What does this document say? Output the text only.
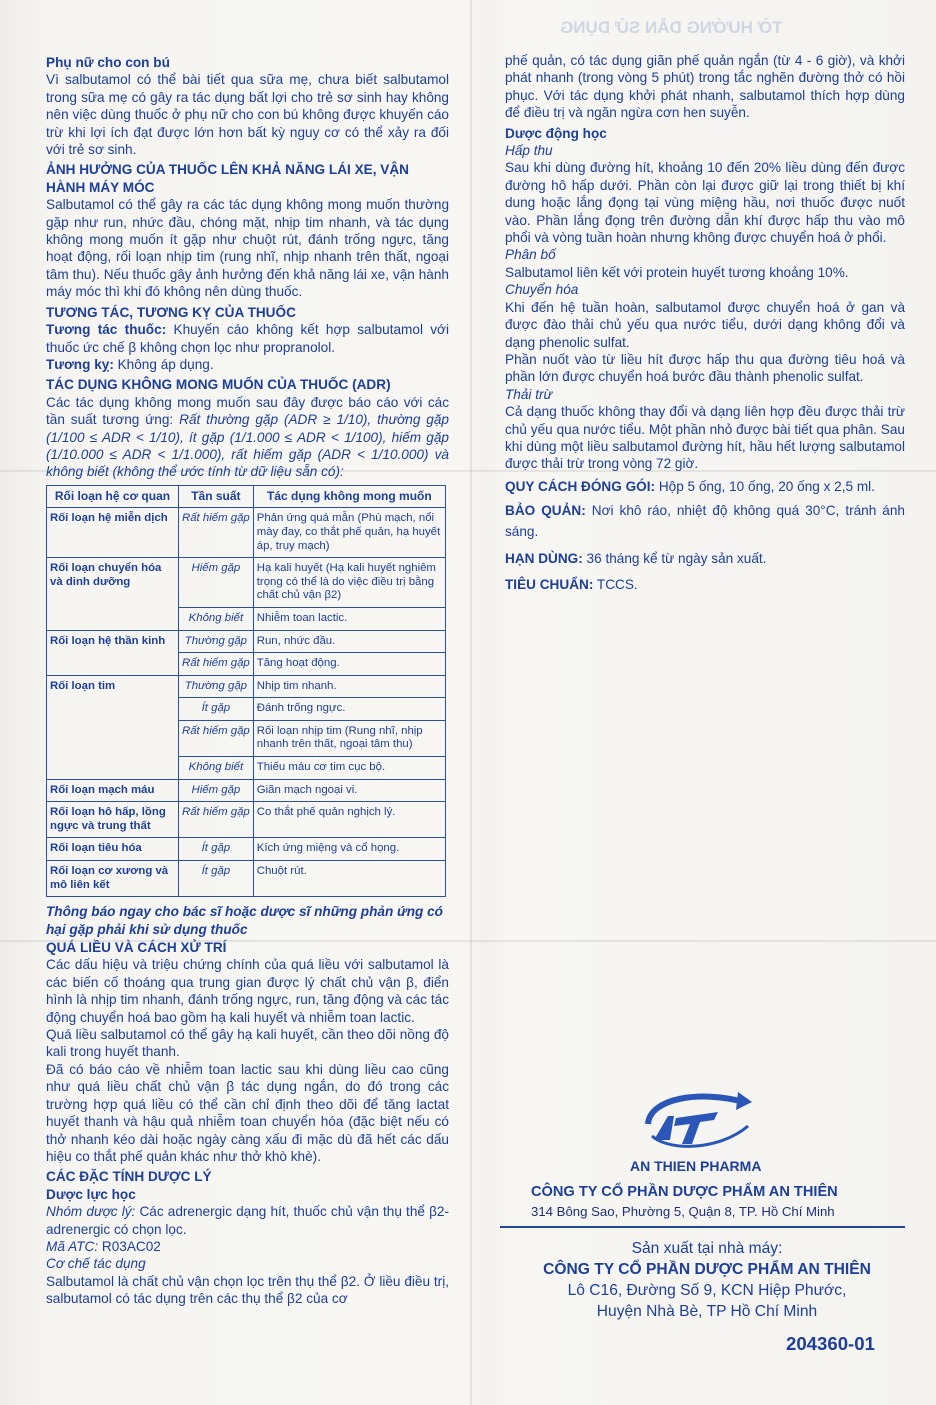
TỜ HƯỚNG DẪN SỬ DỤNG

Phụ nữ cho con bú

Vì salbutamol có thể bài tiết qua sữa mẹ, chưa biết salbutamol trong sữa mẹ có gây ra tác dụng bất lợi cho trẻ sơ sinh hay không nên việc dùng thuốc ở phụ nữ cho con bú không được khuyến cáo trừ khi lợi ích đạt được lớn hơn bất kỳ nguy cơ có thể xảy ra đối với trẻ sơ sinh.

ẢNH HƯỞNG CỦA THUỐC LÊN KHẢ NĂNG LÁI XE, VẬN HÀNH MÁY MÓC

Salbutamol có thể gây ra các tác dụng không mong muốn thường gặp như run, nhức đầu, chóng mặt, nhịp tim nhanh, và tác dụng không mong muốn ít gặp như chuột rút, đánh trống ngực, tăng hoạt động, rối loạn nhịp tim (rung nhĩ, nhịp nhanh trên thất, ngoại tâm thu). Nếu thuốc gây ảnh hưởng đến khả năng lái xe, vận hành máy móc thì khi đó không nên dùng thuốc.

TƯƠNG TÁC, TƯƠNG KỴ CỦA THUỐC

Tương tác thuốc: Khuyến cáo không kết hợp salbutamol với thuốc ức chế β không chọn lọc như propranolol.

Tương kỵ: Không áp dụng.

TÁC DỤNG KHÔNG MONG MUỐN CỦA THUỐC (ADR)

Các tác dụng không mong muốn sau đây được báo cáo với các tần suất tương ứng: Rất thường gặp (ADR ≥ 1/10), thường gặp (1/100 ≤ ADR < 1/10), ít gặp (1/1.000 ≤ ADR < 1/100), hiếm gặp (1/10.000 ≤ ADR < 1/1.000), rất hiếm gặp (ADR < 1/10.000) và không biết (không thể ước tính từ dữ liệu sẵn có):

Rối loạn hệ cơ quan	Tần suất	Tác dụng không mong muốn
Rối loạn hệ miễn dịch	Rất hiếm gặp	Phản ứng quá mẫn (Phù mạch, nổi mày đay, co thắt phế quản, hạ huyết áp, trụy mạch)
Rối loạn chuyển hóa và dinh dưỡng	Hiếm gặp	Hạ kali huyết (Hạ kali huyết nghiêm trọng có thể là do việc điều trị bằng chất chủ vận β2)
	Không biết	Nhiễm toan lactic.
Rối loạn hệ thần kinh	Thường gặp	Run, nhức đầu.
	Rất hiếm gặp	Tăng hoạt động.
Rối loạn tim	Thường gặp	Nhịp tim nhanh.
	Ít gặp	Đánh trống ngực.
	Rất hiếm gặp	Rối loạn nhịp tim (Rung nhĩ, nhịp nhanh trên thất, ngoại tâm thu)
	Không biết	Thiếu máu cơ tim cục bộ.
Rối loạn mạch máu	Hiếm gặp	Giãn mạch ngoại vi.
Rối loạn hô hấp, lồng ngực và trung thất	Rất hiếm gặp	Co thắt phế quản nghịch lý.
Rối loạn tiêu hóa	Ít gặp	Kích ứng miệng và cổ họng.
Rối loạn cơ xương và mô liên kết	Ít gặp	Chuột rút.

Thông báo ngay cho bác sĩ hoặc dược sĩ những phản ứng có hại gặp phải khi sử dụng thuốc

QUÁ LIỀU VÀ CÁCH XỬ TRÍ

Các dấu hiệu và triệu chứng chính của quá liều với salbutamol là các biến cố thoáng qua trung gian được lý chất chủ vận β, điển hình là nhịp tim nhanh, đánh trống ngực, run, tăng động và các tác động chuyển hoá bao gồm hạ kali huyết và nhiễm toan lactic.

Quá liều salbutamol có thể gây hạ kali huyết, cần theo dõi nồng độ kali trong huyết thanh.

Đã có báo cáo về nhiễm toan lactic sau khi dùng liều cao cũng như quá liều chất chủ vận β tác dụng ngắn, do đó trong các trường hợp quá liều có thể cần chỉ định theo dõi để tăng lactat huyết thanh và hậu quả nhiễm toan chuyển hóa (đặc biệt nếu có thở nhanh kéo dài hoặc ngày càng xấu đi mặc dù đã hết các dấu hiệu co thắt phế quản khác như thở khò khè).

CÁC ĐẶC TÍNH DƯỢC LÝ

Dược lực học

Nhóm dược lý: Các adrenergic dạng hít, thuốc chủ vận thụ thể β2-adrenergic có chọn lọc.

Mã ATC: R03AC02

Cơ chế tác dụng

Salbutamol là chất chủ vận chọn lọc trên thụ thể β2. Ở liều điều trị, salbutamol có tác dụng trên các thụ thể β2 của cơ

phế quản, có tác dụng giãn phế quản ngắn (từ 4 - 6 giờ), và khởi phát nhanh (trong vòng 5 phút) trong tắc nghẽn đường thở có hồi phục. Với tác dụng khởi phát nhanh, salbutamol thích hợp dùng để điều trị và ngăn ngừa cơn hen suyễn.

Dược động học

Hấp thu

Sau khi dùng đường hít, khoảng 10 đến 20% liều dùng đến được đường hô hấp dưới. Phần còn lại được giữ lại trong thiết bị khí dung hoặc lắng đọng tại vùng miệng hầu, nơi thuốc được nuốt vào. Phần lắng đọng trên đường dẫn khí được hấp thu vào mô phổi và vòng tuần hoàn nhưng không được chuyển hoá ở phổi.

Phân bố

Salbutamol liên kết với protein huyết tương khoảng 10%.

Chuyển hóa

Khi đến hệ tuần hoàn, salbutamol được chuyển hoá ở gan và được đào thải chủ yếu qua nước tiểu, dưới dạng không đổi và dạng phenolic sulfat.

Phần nuốt vào từ liều hít được hấp thu qua đường tiêu hoá và phần lớn được chuyển hoá bước đầu thành phenolic sulfat.

Thải trừ

Cả dạng thuốc không thay đổi và dạng liên hợp đều được thải trừ chủ yếu qua nước tiểu. Một phần nhỏ được bài tiết qua phân. Sau khi dùng một liều salbutamol đường hít, hầu hết lượng salbutamol được thải trừ trong vòng 72 giờ.

QUY CÁCH ĐÓNG GÓI: Hộp 5 ống, 10 ống, 20 ống x 2,5 ml.

BẢO QUẢN: Nơi khô ráo, nhiệt độ không quá 30°C, tránh ánh sáng.

HẠN DÙNG: 36 tháng kể từ ngày sản xuất.

TIÊU CHUẨN: TCCS.

AN THIEN PHARMA
CÔNG TY CỔ PHẦN DƯỢC PHẨM AN THIÊN
314 Bông Sao, Phường 5, Quận 8, TP. Hồ Chí Minh
Sản xuất tại nhà máy:
CÔNG TY CỔ PHẦN DƯỢC PHẨM AN THIÊN
Lô C16, Đường Số 9, KCN Hiệp Phước,
Huyện Nhà Bè, TP Hồ Chí Minh
204360-01
